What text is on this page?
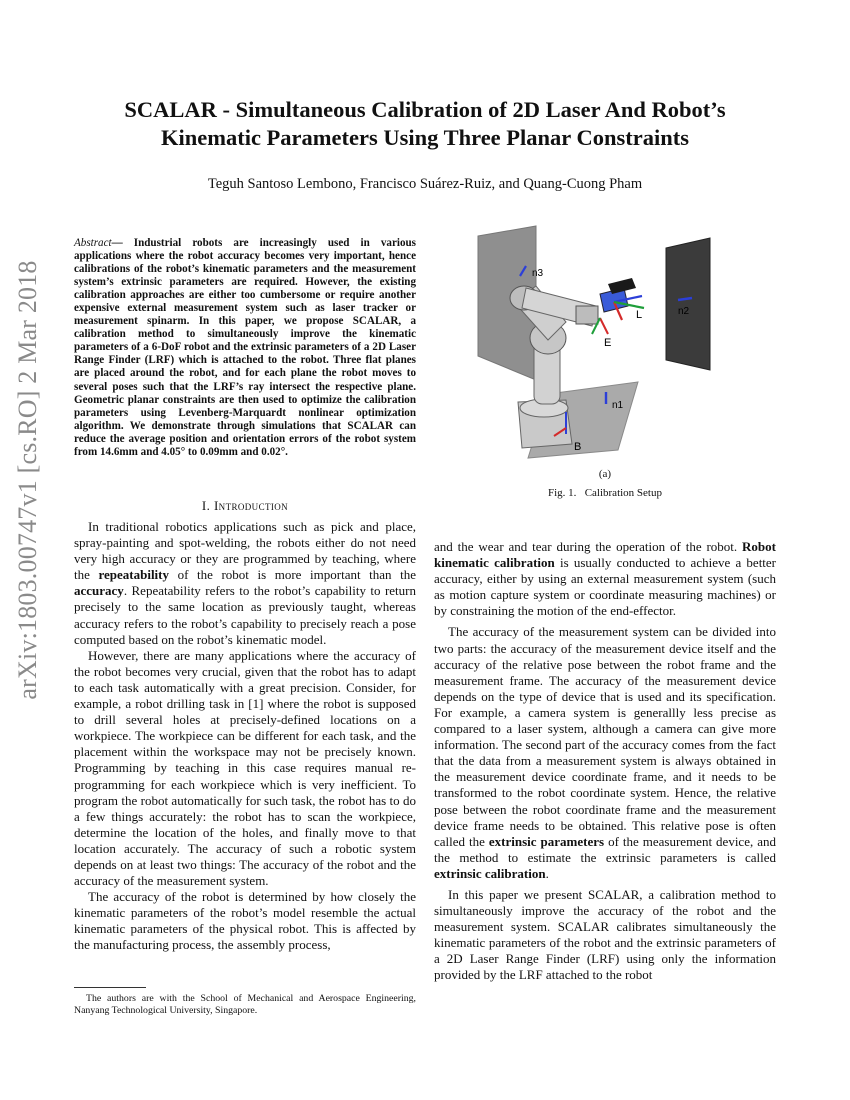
arXiv:1803.00747v1 [cs.RO] 2 Mar 2018
SCALAR - Simultaneous Calibration of 2D Laser And Robot’s
Kinematic Parameters Using Three Planar Constraints
Teguh Santoso Lembono, Francisco Suárez-Ruiz, and Quang-Cuong Pham
Abstract— Industrial robots are increasingly used in various applications where the robot accuracy becomes very important, hence calibrations of the robot’s kinematic parameters and the measurement system’s extrinsic parameters are required. However, the existing calibration approaches are either too cumbersome or require another expensive external measurement system such as laser tracker or measurement spinarm. In this paper, we propose SCALAR, a calibration method to simultaneously improve the kinematic parameters of a 6-DoF robot and the extrinsic parameters of a 2D Laser Range Finder (LRF) which is attached to the robot. Three flat planes are placed around the robot, and for each plane the robot moves to several poses such that the LRF’s ray intersect the respective plane. Geometric planar constraints are then used to optimize the calibration parameters using Levenberg-Marquardt nonlinear optimization algorithm. We demonstrate through simulations that SCALAR can reduce the average position and orientation errors of the robot system from 14.6mm and 4.05° to 0.09mm and 0.02°.
I. Introduction

In traditional robotics applications such as pick and place, spray-painting and spot-welding, the robots either do not need very high accuracy or they are programmed by teaching, where the repeatability of the robot is more important than the accuracy. Repeatability refers to the robot’s capability to return precisely to the same location as previously taught, whereas accuracy refers to the robot’s capability to precisely reach a pose computed based on the robot’s kinematic model.

However, there are many applications where the accuracy of the robot becomes very crucial, given that the robot has to adapt to each task automatically with a great precision. Consider, for example, a robot drilling task in [1] where the robot is supposed to drill several holes at precisely-defined locations on a workpiece. The workpiece can be different for each task, and the placement within the workspace may not be precisely known. Programming by teaching in this case requires manual re-programming for each workpiece which is very inefficient. To program the robot automatically for such task, the robot has to do a few things accurately: the robot has to scan the workpiece, determine the location of the holes, and finally move to that location accurately. The accuracy of such a robotic system depends on at least two things: The accuracy of the robot and the accuracy of the measurement system.

The accuracy of the robot is determined by how closely the kinematic parameters of the robot’s model resemble the actual kinematic parameters of the physical robot. This is affected by the manufacturing process, the assembly process,

The authors are with the School of Mechanical and Aerospace Engineering, Nanyang Technological University, Singapore.

and the wear and tear during the operation of the robot. Robot kinematic calibration is usually conducted to achieve a better accuracy, either by using an external measurement system (such as motion capture system or coordinate measuring machines) or by constraining the motion of the end-effector.

The accuracy of the measurement system can be divided into two parts: the accuracy of the measurement device itself and the accuracy of the relative pose between the robot frame and the measurement frame. The accuracy of the measurement device depends on the type of device that is used and its specification. For example, a camera system is generallly less precise as compared to a laser system, although a camera can give more information. The second part of the accuracy comes from the fact that the data from a measurement system is always obtained in the measurement device coordinate frame, and it needs to be transformed to the robot coordinate system. Hence, the relative pose between the robot coordinate frame and the measurement device frame needs to be obtained. This relative pose is often called the extrinsic parameters of the measurement device, and the method to estimate the extrinsic parameters is called extrinsic calibration.

In this paper we present SCALAR, a calibration method to simultaneously improve the accuracy of the robot and the measurement system. SCALAR calibrates simultaneously the kinematic parameters of the robot and the extrinsic parameters of a 2D Laser Range Finder (LRF) using only the information provided by the LRF attached to the robot

n3
n2
n1
L
E
B
(a)
Fig. 1. Calibration Setup
